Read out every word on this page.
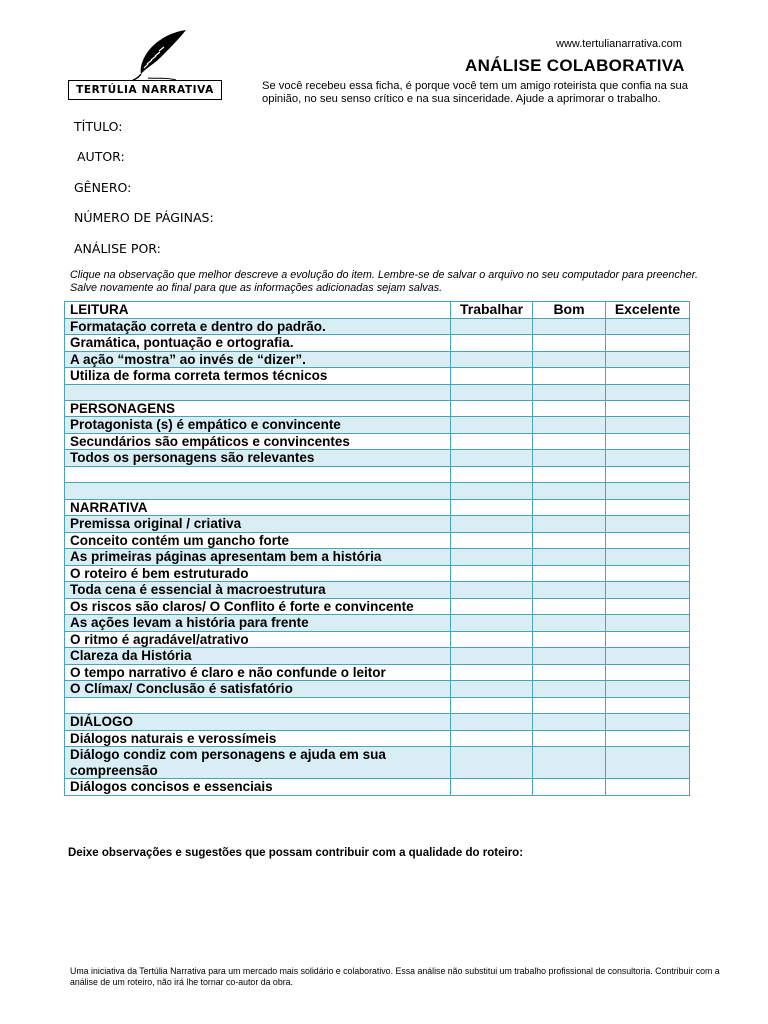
TERTÚLIA NARRATIVA
www.tertulianarrativa.com
ANÁLISE COLABORATIVA
Se você recebeu essa ficha, é porque você tem um amigo roteirista que confia na sua opinião, no seu senso crítico e na sua sinceridade. Ajude a aprimorar o trabalho.
TÍTULO:
AUTOR:
GÊNERO:
NÚMERO DE PÁGINAS:
ANÁLISE POR:
Clique na observação que melhor descreve a evolução do item. Lembre-se de salvar o arquivo no seu computador para preencher. Salve novamente ao final para que as informações adicionadas sejam salvas.
LEITURA	Trabalhar	Bom	Excelente
Formatação correta e dentro do padrão.			
Gramática, pontuação e ortografia.			
A ação “mostra” ao invés de “dizer”.			
Utiliza de forma correta termos técnicos			

PERSONAGENS			
Protagonista (s) é empático e convincente			
Secundários são empáticos e convincentes			
Todos os personagens são relevantes			

NARRATIVA			
Premissa original / criativa			
Conceito contém um gancho forte			
As primeiras páginas apresentam bem a história			
O roteiro é bem estruturado			
Toda cena é essencial à macroestrutura			
Os riscos são claros/ O Conflito é forte e convincente			
As ações levam a história para frente			
O ritmo é agradável/atrativo			
Clareza da História			
O tempo narrativo é claro e não confunde o leitor			
O Clímax/ Conclusão é satisfatório			

DIÁLOGO			
Diálogos naturais e verossímeis			
Diálogo condiz com personagens e ajuda em sua compreensão			
Diálogos concisos e essenciais			
Deixe observações e sugestões que possam contribuir com a qualidade do roteiro:
Uma iniciativa da Tertúlia Narrativa para um mercado mais solidário e colaborativo. Essa análise não substitui um trabalho profissional de consultoria. Contribuir com a análise de um roteiro, não irá lhe tornar co-autor da obra.
